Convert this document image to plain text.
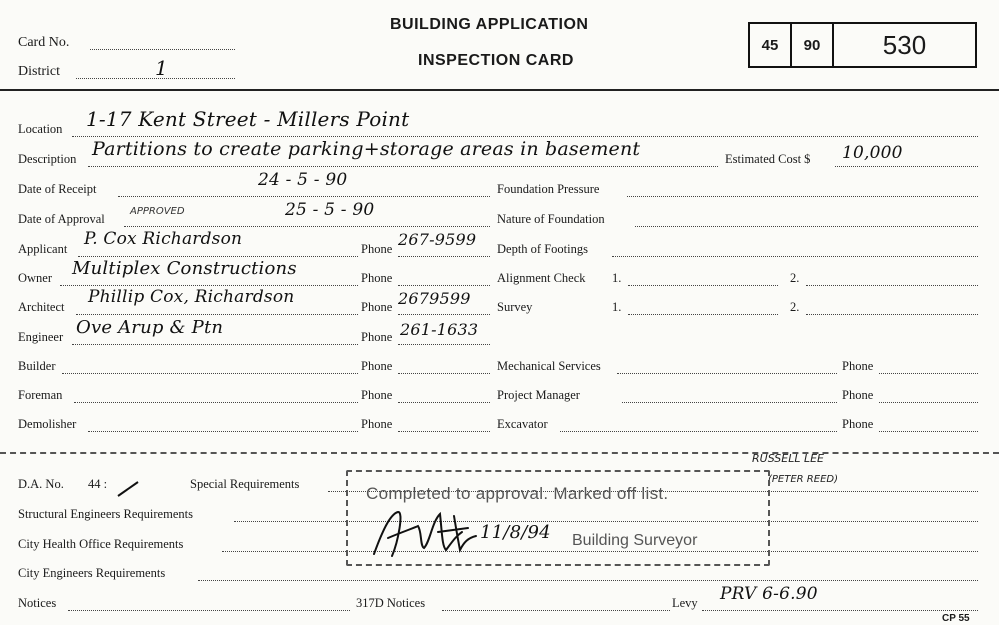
Card No.
District	1
BUILDING APPLICATION
INSPECTION CARD
45	90	530
Location 1-17 Kent Street - Millers Point
Description Partitions to create parking+storage areas in basement	Estimated Cost $ 10,000
Date of Receipt	24 - 5 - 90
Date of Approval
APPROVED	25 - 5 - 90
Applicant P. Cox Richardson	Phone 267-9599
Owner Multiplex Constructions	Phone
Architect Phillip Cox, Richardson	Phone 2679599
Engineer Ove Arup & Ptn	Phone 261-1633
Builder	Phone
Foreman	Phone
Demolisher	Phone
Foundation Pressure
Nature of Foundation
Depth of Footings
Alignment Check 1.	2.
Survey	1.	2.
Mechanical Services	Phone
Project Manager	Phone
Excavator	Phone
D.A. No. 44 :	Special Requirements
RUSSELL LEE
(PETER REED)
Structural Engineers Requirements
City Health Office Requirements
City Engineers Requirements
Notices	317D Notices	Levy PRV 6-6.90
Completed to approval. Marked off list.
Building Surveyor
11/8/94
CP 55
